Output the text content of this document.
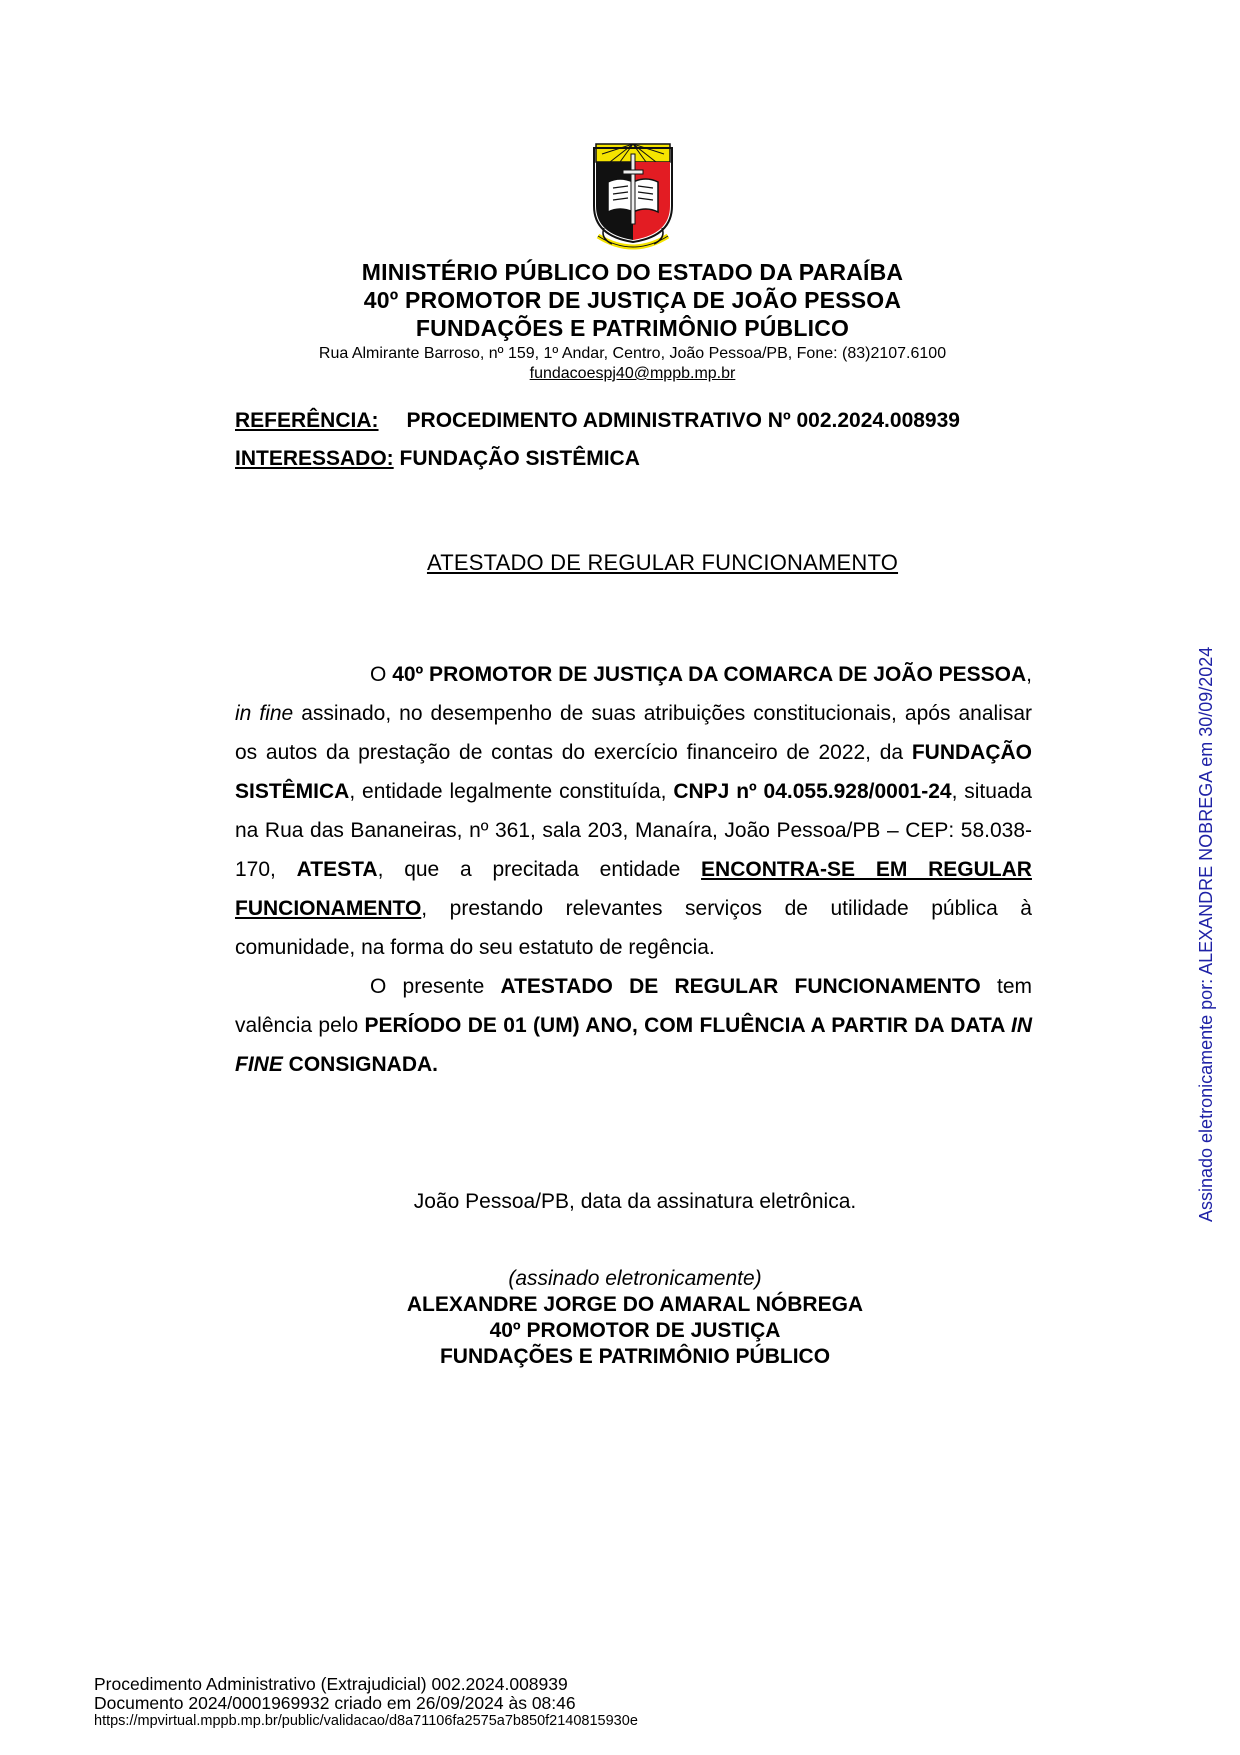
MINISTÉRIO PÚBLICO DO ESTADO DA PARAÍBA
40º PROMOTOR DE JUSTIÇA DE JOÃO PESSOA
FUNDAÇÕES E PATRIMÔNIO PÚBLICO
Rua Almirante Barroso, nº 159, 1º Andar, Centro, João Pessoa/PB, Fone: (83)2107.6100
fundacoespj40@mppb.mp.br
REFERÊNCIA: PROCEDIMENTO ADMINISTRATIVO Nº 002.2024.008939
INTERESSADO: FUNDAÇÃO SISTÊMICA
ATESTADO DE REGULAR FUNCIONAMENTO

O 40º PROMOTOR DE JUSTIÇA DA COMARCA DE JOÃO PESSOA, in fine assinado, no desempenho de suas atribuições constitucionais, após analisar os autos da prestação de contas do exercício financeiro de 2022, da FUNDAÇÃO SISTÊMICA, entidade legalmente constituída, CNPJ nº 04.055.928/0001-24, situada na Rua das Bananeiras, nº 361, sala 203, Manaíra, João Pessoa/PB – CEP: 58.038-170, ATESTA, que a precitada entidade ENCONTRA-SE EM REGULAR FUNCIONAMENTO, prestando relevantes serviços de utilidade pública à comunidade, na forma do seu estatuto de regência.

O presente ATESTADO DE REGULAR FUNCIONAMENTO tem valência pelo PERÍODO DE 01 (UM) ANO, COM FLUÊNCIA A PARTIR DA DATA IN FINE CONSIGNADA.

João Pessoa/PB, data da assinatura eletrônica.
(assinado eletronicamente)
ALEXANDRE JORGE DO AMARAL NÓBREGA
40º PROMOTOR DE JUSTIÇA
FUNDAÇÕES E PATRIMÔNIO PÚBLICO
Assinado eletronicamente por: ALEXANDRE NOBREGA em 30/09/2024
Procedimento Administrativo (Extrajudicial) 002.2024.008939
Documento 2024/0001969932 criado em 26/09/2024 às 08:46
https://mpvirtual.mppb.mp.br/public/validacao/d8a71106fa2575a7b850f2140815930e
